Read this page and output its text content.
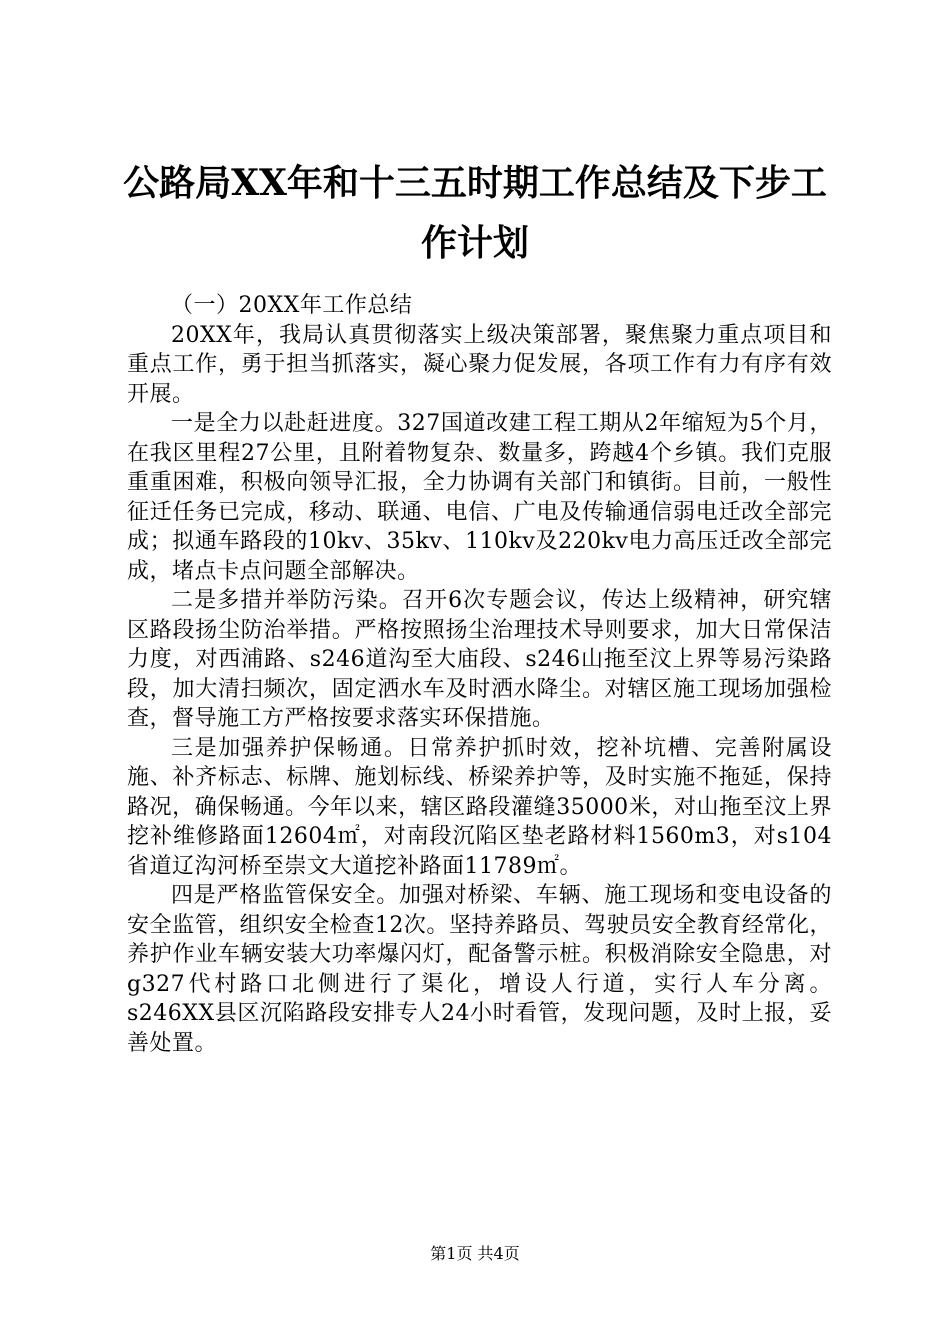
公路局XX年和十三五时期工作总结及下步工
作计划

（一）20XX年工作总结

20XX年，我局认真贯彻落实上级决策部署，聚焦聚力重点项目和重点工作，勇于担当抓落实，凝心聚力促发展，各项工作有力有序有效开展。

一是全力以赴赶进度。327国道改建工程工期从2年缩短为5个月，在我区里程27公里，且附着物复杂、数量多，跨越4个乡镇。我们克服重重困难，积极向领导汇报，全力协调有关部门和镇街。目前，一般性征迁任务已完成，移动、联通、电信、广电及传输通信弱电迁改全部完成；拟通车路段的10kv、35kv、110kv及220kv电力高压迁改全部完成，堵点卡点问题全部解决。

二是多措并举防污染。召开6次专题会议，传达上级精神，研究辖区路段扬尘防治举措。严格按照扬尘治理技术导则要求，加大日常保洁力度，对西浦路、s246道沟至大庙段、s246山拖至汶上界等易污染路段，加大清扫频次，固定洒水车及时洒水降尘。对辖区施工现场加强检查，督导施工方严格按要求落实环保措施。

三是加强养护保畅通。日常养护抓时效，挖补坑槽、完善附属设施、补齐标志、标牌、施划标线、桥梁养护等，及时实施不拖延，保持路况，确保畅通。今年以来，辖区路段灌缝35000米，对山拖至汶上界挖补维修路面12604㎡，对南段沉陷区垫老路材料1560m3，对s104省道辽沟河桥至崇文大道挖补路面11789㎡。

四是严格监管保安全。加强对桥梁、车辆、施工现场和变电设备的安全监管，组织安全检查12次。坚持养路员、驾驶员安全教育经常化，养护作业车辆安装大功率爆闪灯，配备警示桩。积极消除安全隐患，对g327代村路口北侧进行了渠化，增设人行道，实行人车分离。s246XX县区沉陷路段安排专人24小时看管，发现问题，及时上报，妥善处置。

第1页 共4页
